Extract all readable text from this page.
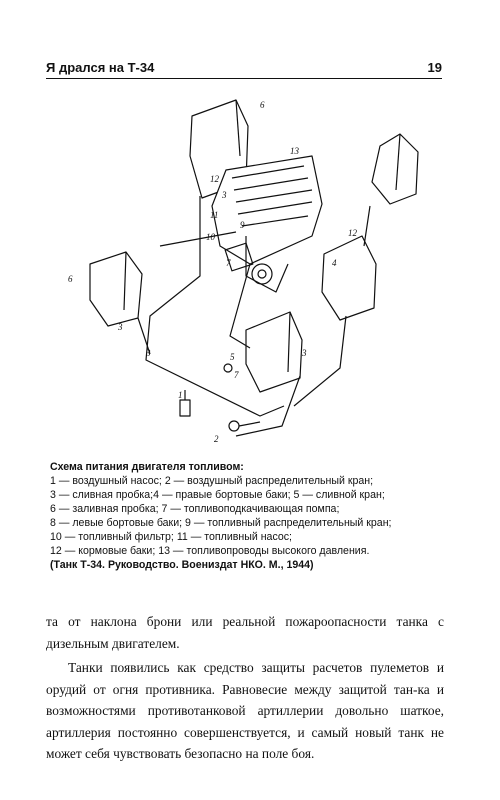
Я дрался на Т-34	19
6
12
13
3
11
9
10
7
6
4
12
3
3	5
7
1
2
3
Схема питания двигателя топливом:
1 — воздушный насос; 2 — воздушный распределительный кран;
3 — сливная пробка;4 — правые бортовые баки; 5 — сливной кран;
6 — заливная пробка; 7 — топливоподкачивающая помпа;
8 — левые бортовые баки; 9 — топливный распределительный кран;
10 — топливный фильтр; 11 — топливный насос;
12 — кормовые баки; 13 — топливопроводы высокого давления.
(Танк Т-34. Руководство. Воениздат НКО. М., 1944)

та от наклона брони или реальной пожароопасности танка с дизельным двигателем.

Танки появились как средство защиты расчетов пулеметов и орудий от огня противника. Равновесие между защитой тан-ка и возможностями противотанковой артиллерии довольно шаткое, артиллерия постоянно совершенствуется, и самый новый танк не может себя чувствовать безопасно на поле боя.
